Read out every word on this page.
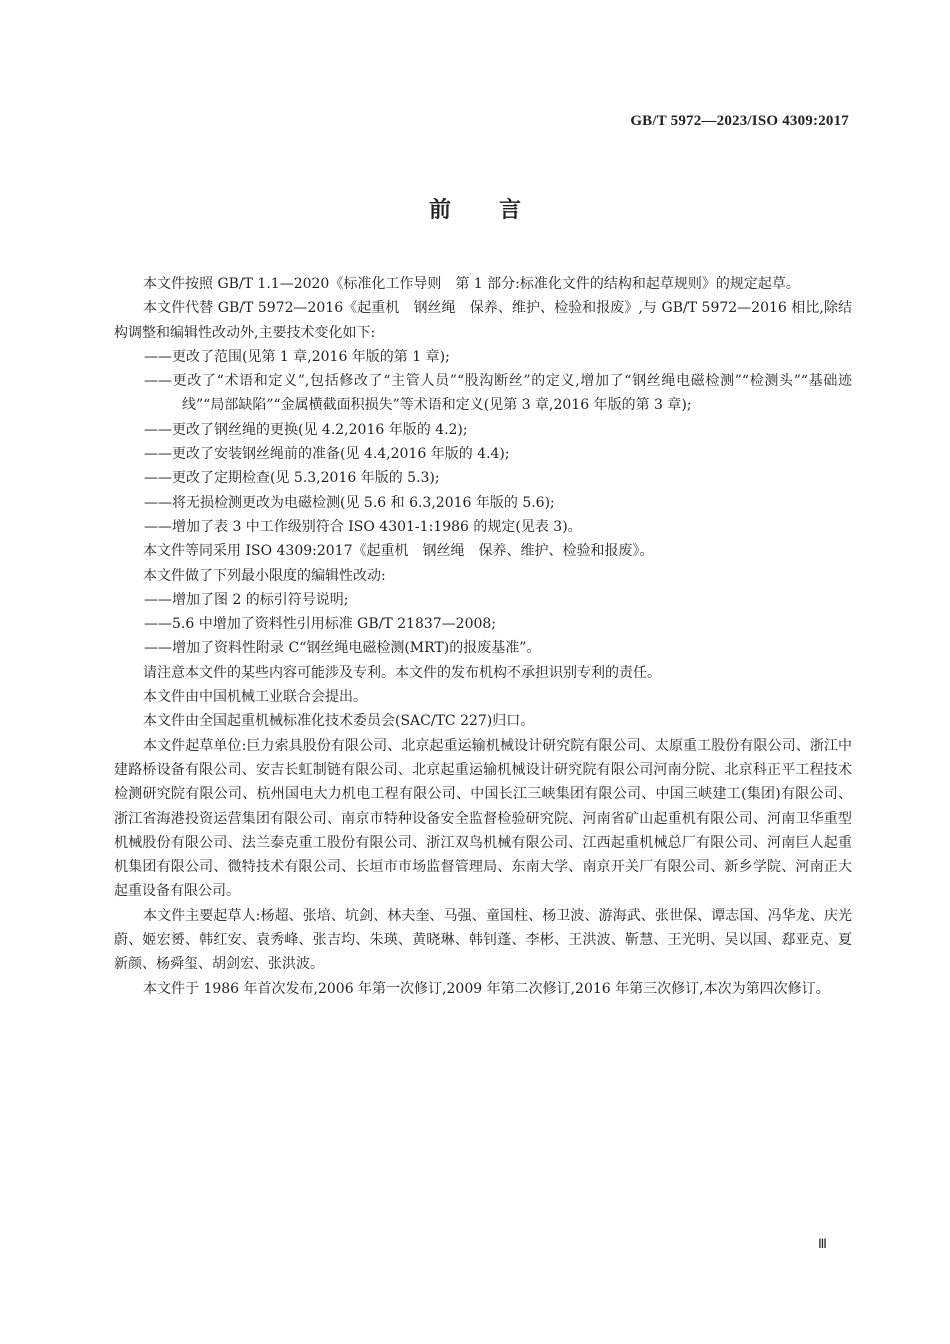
GB/T 5972—2023/ISO 4309:2017
前言

本文件按照 GB/T 1.1—2020《标准化工作导则　第 1 部分:标准化文件的结构和起草规则》的规定起草。

本文件代替 GB/T 5972—2016《起重机　钢丝绳　保养、维护、检验和报废》,与 GB/T 5972—2016 相比,除结构调整和编辑性改动外,主要技术变化如下:

——更改了范围(见第 1 章,2016 年版的第 1 章);

——更改了“术语和定义”,包括修改了“主管人员”“股沟断丝”的定义,增加了“钢丝绳电磁检测”“检测头”“基础迹线”“局部缺陷”“金属横截面积损失”等术语和定义(见第 3 章,2016 年版的第 3 章);

——更改了钢丝绳的更换(见 4.2,2016 年版的 4.2);

——更改了安装钢丝绳前的准备(见 4.4,2016 年版的 4.4);

——更改了定期检查(见 5.3,2016 年版的 5.3);

——将无损检测更改为电磁检测(见 5.6 和 6.3,2016 年版的 5.6);

——增加了表 3 中工作级别符合 ISO 4301-1:1986 的规定(见表 3)。

本文件等同采用 ISO 4309:2017《起重机　钢丝绳　保养、维护、检验和报废》。

本文件做了下列最小限度的编辑性改动:

——增加了图 2 的标引符号说明;

——5.6 中增加了资料性引用标准 GB/T 21837—2008;

——增加了资料性附录 C“钢丝绳电磁检测(MRT)的报废基准”。

请注意本文件的某些内容可能涉及专利。本文件的发布机构不承担识别专利的责任。

本文件由中国机械工业联合会提出。

本文件由全国起重机械标准化技术委员会(SAC/TC 227)归口。

本文件起草单位:巨力索具股份有限公司、北京起重运输机械设计研究院有限公司、太原重工股份有限公司、浙江中建路桥设备有限公司、安吉长虹制链有限公司、北京起重运输机械设计研究院有限公司河南分院、北京科正平工程技术检测研究院有限公司、杭州国电大力机电工程有限公司、中国长江三峡集团有限公司、中国三峡建工(集团)有限公司、浙江省海港投资运营集团有限公司、南京市特种设备安全监督检验研究院、河南省矿山起重机有限公司、河南卫华重型机械股份有限公司、法兰泰克重工股份有限公司、浙江双鸟机械有限公司、江西起重机械总厂有限公司、河南巨人起重机集团有限公司、微特技术有限公司、长垣市市场监督管理局、东南大学、南京开关厂有限公司、新乡学院、河南正大起重设备有限公司。

本文件主要起草人:杨超、张培、坑剑、林夫奎、马强、童国柱、杨卫波、游海武、张世保、谭志国、冯华龙、庆光蔚、姬宏赟、韩红安、袁秀峰、张吉均、朱瑛、黄晓琳、韩钊蓬、李彬、王洪波、靳慧、王光明、吴以国、郄亚克、夏新颜、杨舜玺、胡剑宏、张洪波。

本文件于 1986 年首次发布,2006 年第一次修订,2009 年第二次修订,2016 年第三次修订,本次为第四次修订。

Ⅲ
